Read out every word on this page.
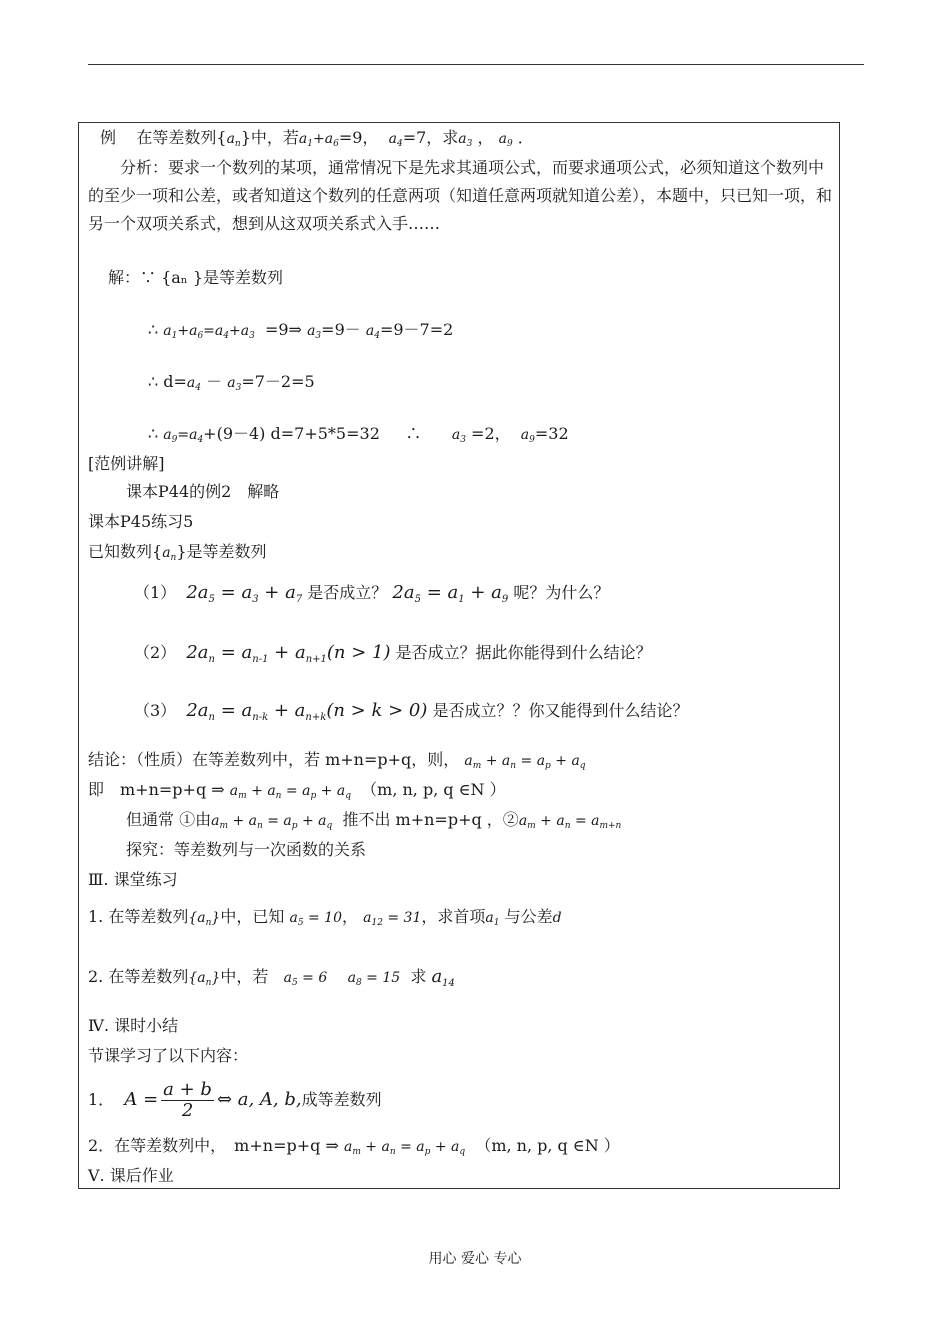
例 在等差数列$\{a_n\}$中，若$a_1+a_6=9$， $a_4=7$，求$a_3$ ， $a_9$ ．
分析：要求一个数列的某项，通常情况下是先求其通项公式，而要求通项公式，必须知道这个数列中的至少一项和公差，或者知道这个数列的任意两项（知道任意两项就知道公差），本题中，只已知一项，和另一个双项关系式，想到从这双项关系式入手……
解：∵ {aₙ }是等差数列
∴ $a_1+a_6=a_4+a_3$ =9⇒ $a_3=9- a_4=9-7=2$
∴ $d=a_4 - a_3=7-2=5$
∴ $a_9=a_4+(9-4)$ d=7+5*5=32 ∴ $a_3 =2$， $a_9=32$
[范例讲解]
课本P44的例2　解略
课本P45练习5
已知数列$\{a_n\}$是等差数列
（1） $2a_5 = a_3 + a_7$ 是否成立？ $2a_5 = a_1 + a_9$ 呢？为什么？
（2） $2a_n = a_{n-1} + a_{n+1}(n > 1)$ 是否成立？据此你能得到什么结论？
（3） $2a_n = a_{n-k} + a_{n+k}(n > k > 0)$ 是否成立？？你又能得到什么结论？
结论：（性质）在等差数列中，若 m+n=p+q，则， $a_m + a_n = a_p + a_q$
即　m+n=p+q ⇒ $a_m + a_n = a_p + a_q$ （m, n, p, q ∈N ）
但通常 ①由$a_m + a_n = a_p + a_q$ 推不出 m+n=p+q ，$②a_m + a_n = a_{m+n}$
探究：等差数列与一次函数的关系
Ⅲ. 课堂练习
1. 在等差数列$\{a_n\}$中，已知 $a_5 = 10$， $a_{12} = 31$，求首项$a_1$ 与公差d
2. 在等差数列$\{a_n\}$中，若 $a_5 = 6$ $a_8 = 15$ 求 $a_{14}$
Ⅳ. 课时小结
节课学习了以下内容：
1． $A = \frac{a + b}{2}$ ⇔ a, A, b,成等差数列
2．在等差数列中，　m+n=p+q ⇒ $a_m + a_n = a_p + a_q$ （m, n, p, q ∈N ）
Ⅴ. 课后作业
用心 爱心 专心
